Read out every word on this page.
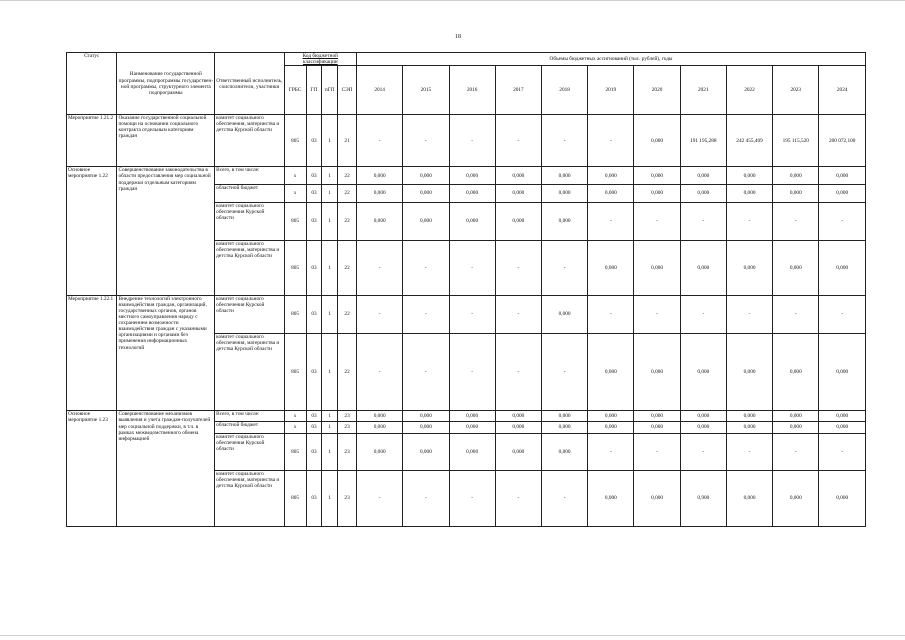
18
Статус	Наименование государственной программы, подпрограммы государствен-ной программы, структурного элемента подпрограммы	Ответственный исполнитель, соисполнители, участники	Код бюджетной классификации				Объемы бюджетных ассигнований (тыс. рублей), годы										
			ГРБС	ГП	пГП	СЭП	2014	2015	2016	2017	2018	2019	2020	2021	2022	2023	2024
Мероприятие 1.21.2	Оказание государственной социальной помощи на основании социального контракта отдельным категориям граждан	комитет социального обеспечения, материнства и детства Курской области	805	03	1	21	-	-	-	-	-	-	0,000	191 195,288	242 455,409	195 115,520	200 072,100
Основное мероприятие 1.22	Совершенствование законодательства в области предоставления мер социальной поддержки отдельным категориям граждан	Всего, в том числе:	х	03	1	22	0,000	0,000	0,000	0,000	0,000	0,000	0,000	0,000	0,000	0,000	0,000
		областной бюджет	х	03	1	22	0,000	0,000	0,000	0,000	0,000	0,000	0,000	0,000	0,000	0,000	0,000
		комитет социального обеспечения Курской области	805	03	1	22	0,000	0,000	0,000	0,000	0,000	-	-	-	-	-	-
		комитет социального обеспечения, материнства и детства Курской области	805	03	1	22	-	-	-	-	-	0,000	0,000	0,000	0,000	0,000	0,000
Мероприятие 1.22.1	Внедрение технологий электронного взаимодействия граждан, организаций, государственных органов, органов местного самоуправления наряду с сохранением возможности взаимодействия граждан с указанными организациями и органами без применения информационных технологий	комитет социального обеспечения Курской области	805	03	1	22	-	-	-	-	0,000	-	-	-	-	-	-
		комитет социального обеспечения, материнства и детства Курской области	805	03	1	22	-	-	-	-	-	0,000	0,000	0,000	0,000	0,000	0,000
Основное мероприятие 1.23	Совершенствование механизмов выявления и учета граждан-получателей мер социальной поддержки, в т.ч. в рамках межведомственного обмена информацией	Всего, в том числе:	х	03	1	23	0,000	0,000	0,000	0,000	0,000	0,000	0,000	0,000	0,000	0,000	0,000
		областной бюджет	х	03	1	23	0,000	0,000	0,000	0,000	0,000	0,000	0,000	0,000	0,000	0,000	0,000
		комитет социального обеспечения Курской области	805	03	1	23	0,000	0,000	0,000	0,000	0,000	-	-	-	-	-	-
		комитет социального обеспечения, материнства и детства Курской области	805	03	1	23	-	-	-	-	-	0,000	0,000	0,900	0,000	0,000	0,000
